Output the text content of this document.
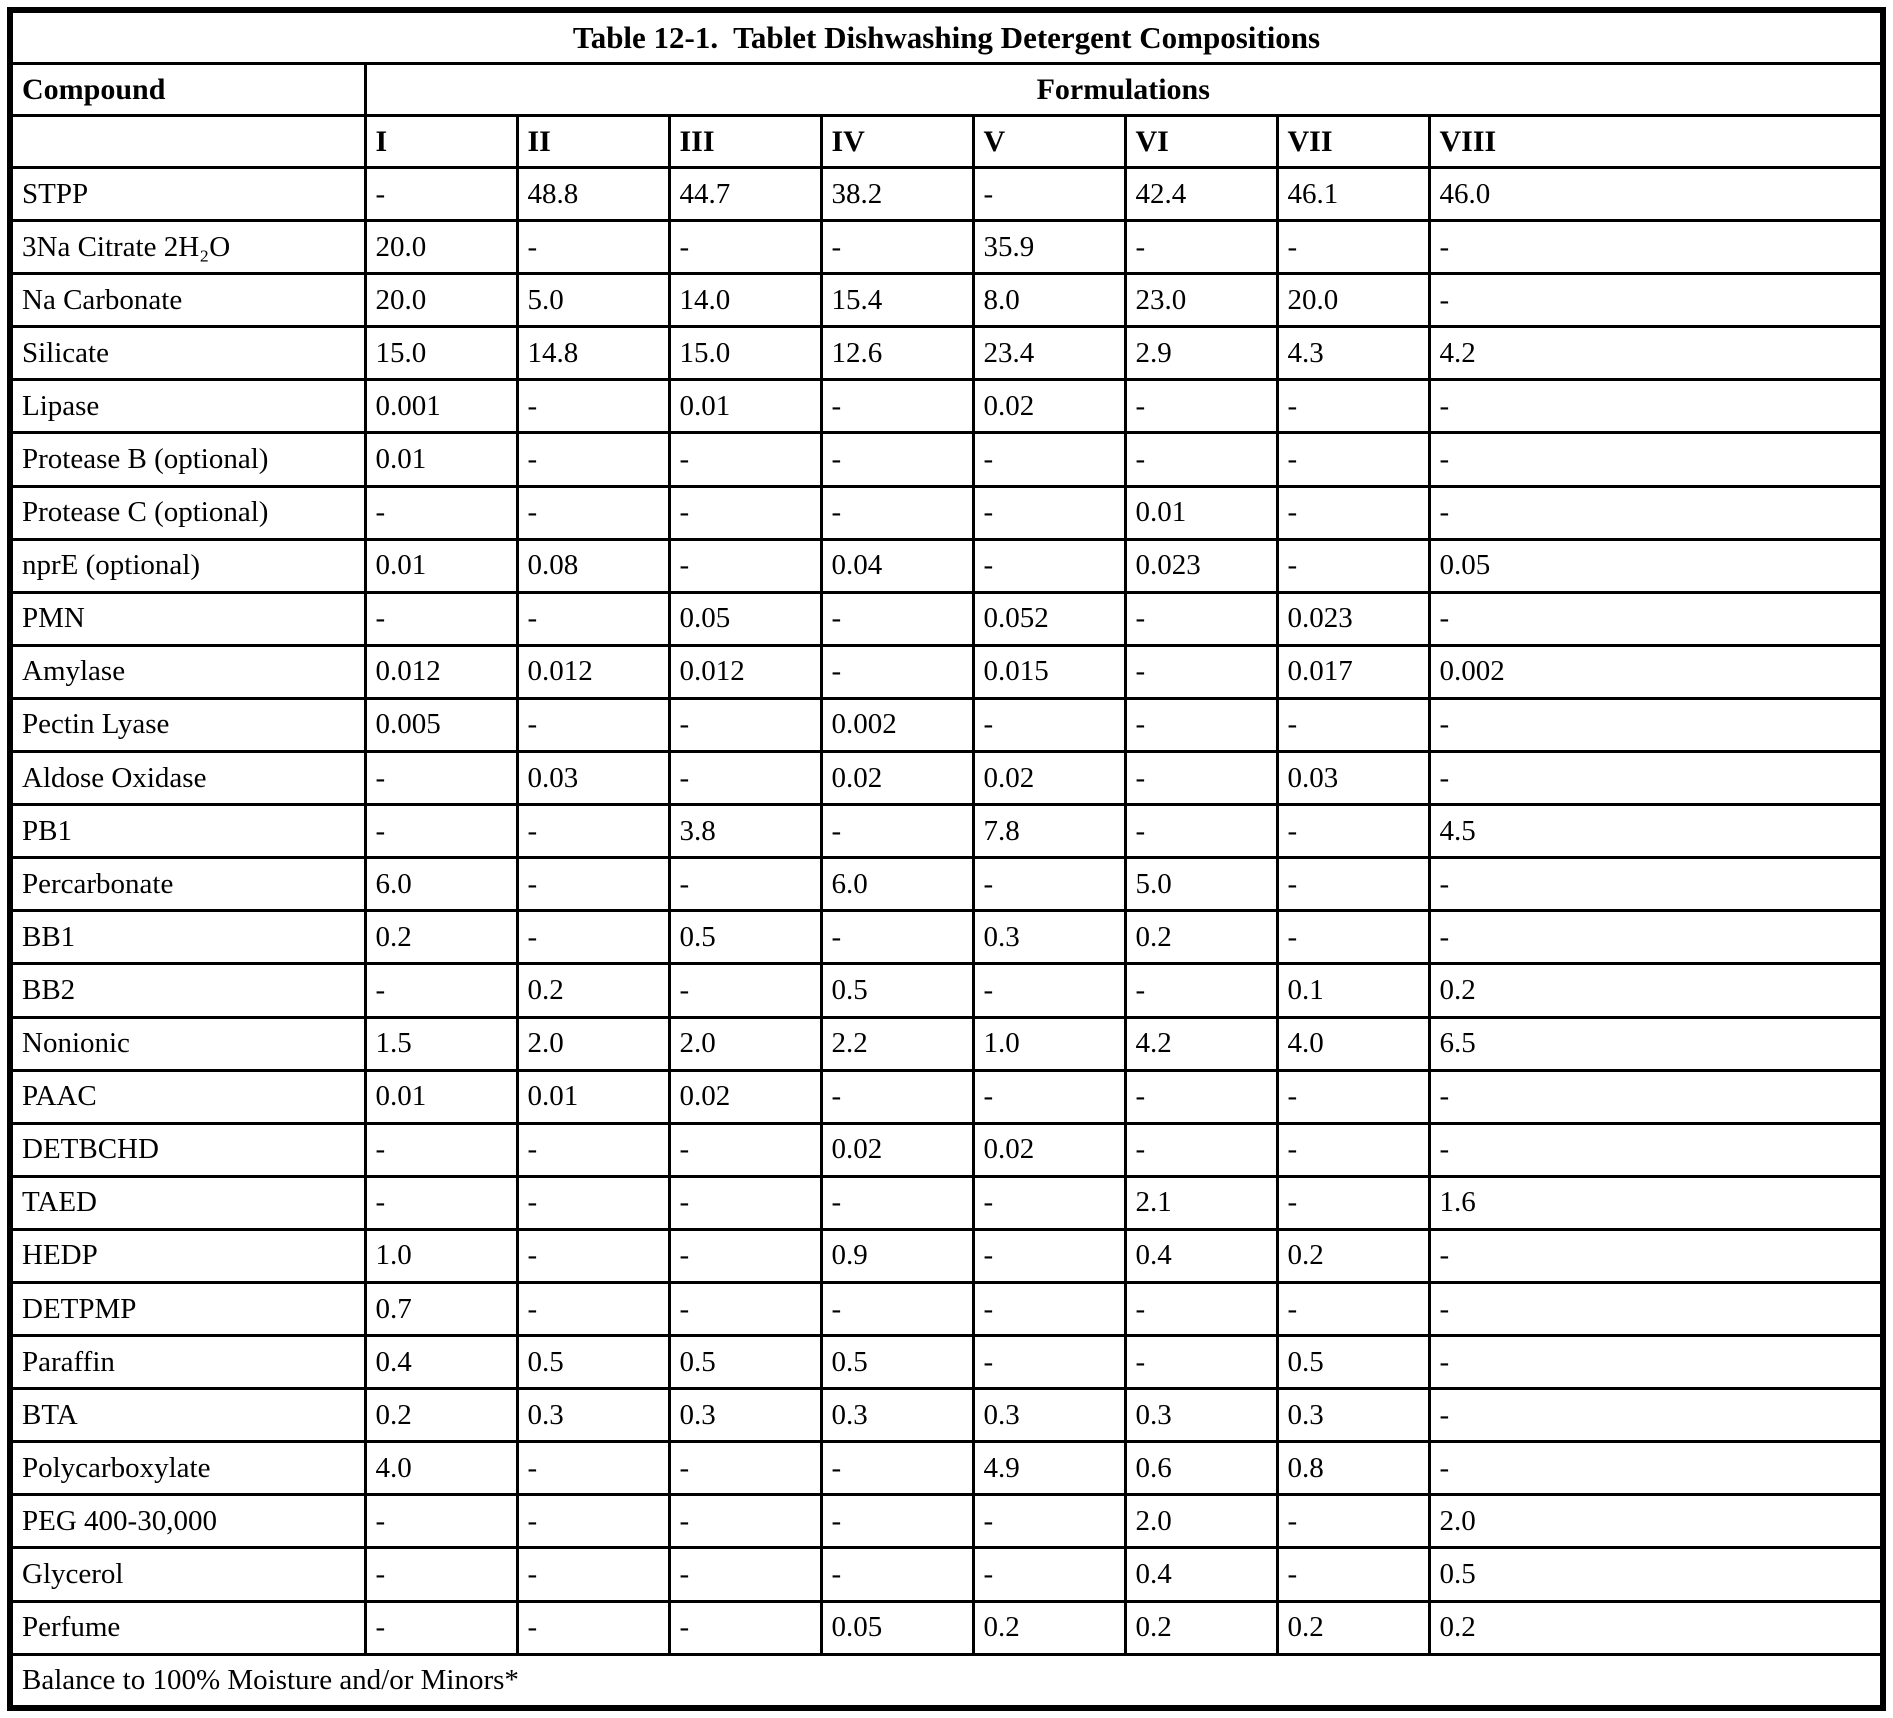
Table 12-1.  Tablet Dishwashing Detergent Compositions								
Compound	Formulations							
	I	II	III	IV	V	VI	VII	VIII
STPP	-	48.8	44.7	38.2	-	42.4	46.1	46.0
3Na Citrate 2H₂O	20.0	-	-	-	35.9	-	-	-
Na Carbonate	20.0	5.0	14.0	15.4	8.0	23.0	20.0	-
Silicate	15.0	14.8	15.0	12.6	23.4	2.9	4.3	4.2
Lipase	0.001	-	0.01	-	0.02	-	-	-
Protease B (optional)	0.01	-	-	-	-	-	-	-
Protease C (optional)	-	-	-	-	-	0.01	-	-
nprE (optional)	0.01	0.08	-	0.04	-	0.023	-	0.05
PMN	-	-	0.05	-	0.052	-	0.023	-
Amylase	0.012	0.012	0.012	-	0.015	-	0.017	0.002
Pectin Lyase	0.005	-	-	0.002	-	-	-	-
Aldose Oxidase	-	0.03	-	0.02	0.02	-	0.03	-
PB1	-	-	3.8	-	7.8	-	-	4.5
Percarbonate	6.0	-	-	6.0	-	5.0	-	-
BB1	0.2	-	0.5	-	0.3	0.2	-	-
BB2	-	0.2	-	0.5	-	-	0.1	0.2
Nonionic	1.5	2.0	2.0	2.2	1.0	4.2	4.0	6.5
PAAC	0.01	0.01	0.02	-	-	-	-	-
DETBCHD	-	-	-	0.02	0.02	-	-	-
TAED	-	-	-	-	-	2.1	-	1.6
HEDP	1.0	-	-	0.9	-	0.4	0.2	-
DETPMP	0.7	-	-	-	-	-	-	-
Paraffin	0.4	0.5	0.5	0.5	-	-	0.5	-
BTA	0.2	0.3	0.3	0.3	0.3	0.3	0.3	-
Polycarboxylate	4.0	-	-	-	4.9	0.6	0.8	-
PEG 400-30,000	-	-	-	-	-	2.0	-	2.0
Glycerol	-	-	-	-	-	0.4	-	0.5
Perfume	-	-	-	0.05	0.2	0.2	0.2	0.2
Balance to 100% Moisture and/or Minors*								
